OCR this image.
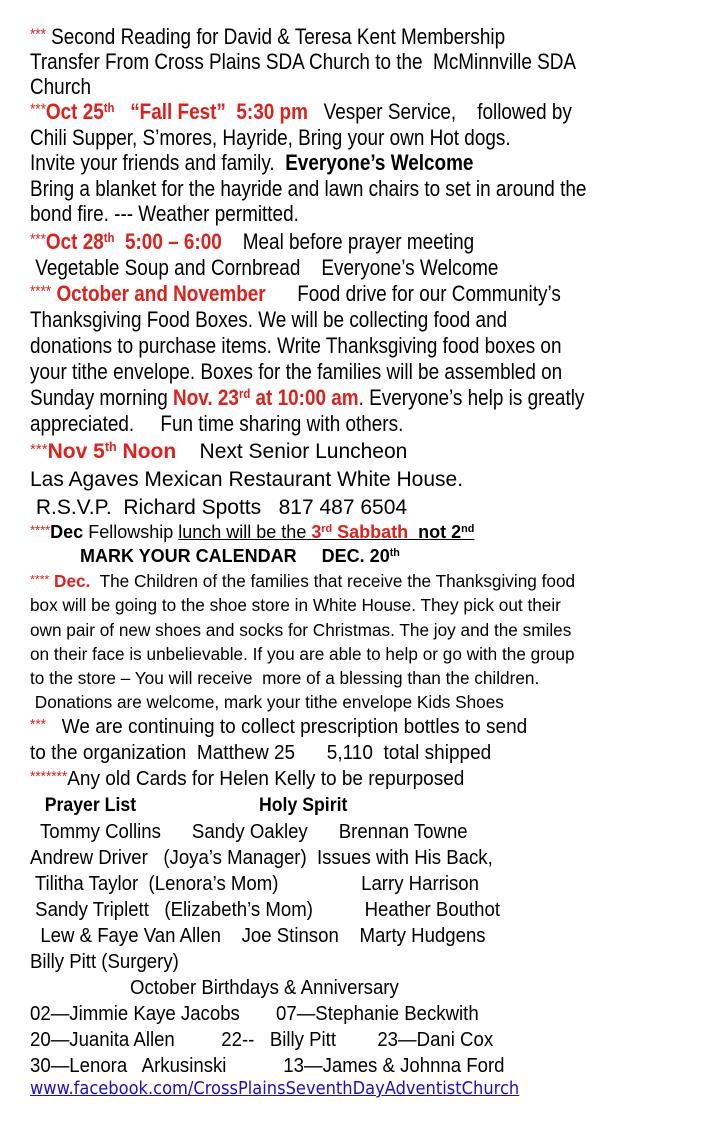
*** Second Reading for David & Teresa Kent Membership
Transfer From Cross Plains SDA Church to the  McMinnville SDA
Church
***Oct 25th   “Fall Fest”  5:30 pm   Vesper Service,    followed by
Chili Supper, S’mores, Hayride, Bring your own Hot dogs.
Invite your friends and family.  Everyone’s Welcome
Bring a blanket for the hayride and lawn chairs to set in around the
bond fire. --- Weather permitted.
***Oct 28th  5:00 – 6:00    Meal before prayer meeting
Vegetable Soup and Cornbread    Everyone’s Welcome
**** October and November      Food drive for our Community’s
Thanksgiving Food Boxes. We will be collecting food and
donations to purchase items. Write Thanksgiving food boxes on
your tithe envelope. Boxes for the families will be assembled on
Sunday morning Nov. 23rd at 10:00 am. Everyone’s help is greatly
appreciated.     Fun time sharing with others.
***Nov 5th Noon    Next Senior Luncheon
Las Agaves Mexican Restaurant White House.
R.S.V.P.  Richard Spotts   817 487 6504
****Dec Fellowship lunch will be the 3rd Sabbath  not 2nd
MARK YOUR CALENDAR     DEC. 20th
**** Dec.  The Children of the families that receive the Thanksgiving food
box will be going to the shoe store in White House. They pick out their
own pair of new shoes and socks for Christmas. The joy and the smiles
on their face is unbelievable. If you are able to help or go with the group
to the store – You will receive  more of a blessing than the children.
Donations are welcome, mark your tithe envelope Kids Shoes
***   We are continuing to collect prescription bottles to send
to the organization  Matthew 25      5,110  total shipped
*******Any old Cards for Helen Kelly to be repurposed
Prayer List	Holy Spirit
Tommy Collins      Sandy Oakley      Brennan Towne
Andrew Driver   (Joya’s Manager)  Issues with His Back,
Tilitha Taylor  (Lenora’s Mom)                Larry Harrison
Sandy Triplett   (Elizabeth’s Mom)          Heather Bouthot
Lew & Faye Van Allen    Joe Stinson    Marty Hudgens
Billy Pitt (Surgery)
October Birthdays & Anniversary
02—Jimmie Kaye Jacobs       07—Stephanie Beckwith
20—Juanita Allen         22--   Billy Pitt        23—Dani Cox
30—Lenora   Arkusinski           13—James & Johnna Ford
www.facebook.com/CrossPlainsSeventhDayAdventistChurch
